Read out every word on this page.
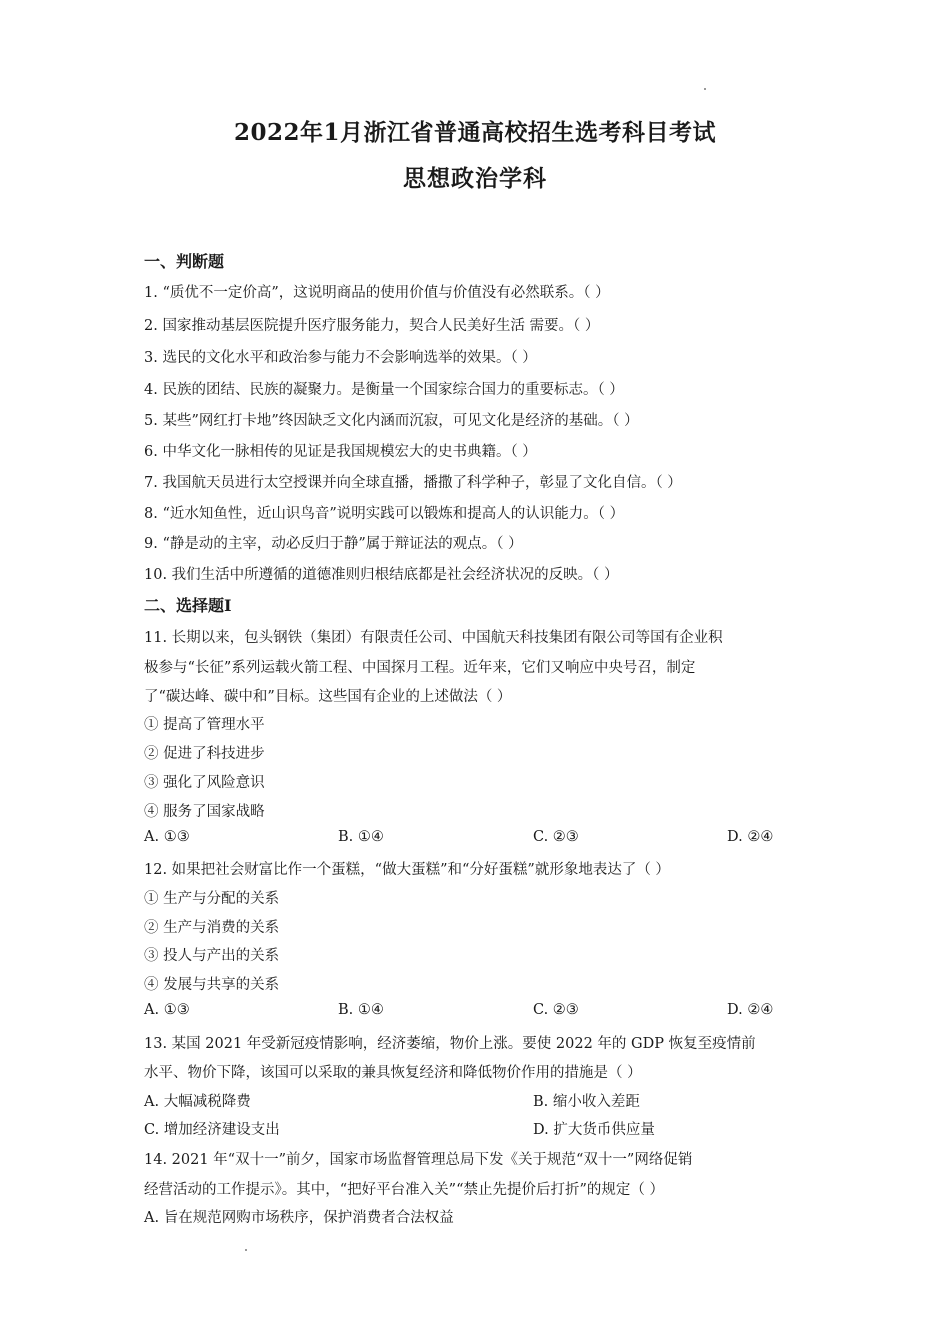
2022年1月浙江省普通高校招生选考科目考试
思想政治学科
一、判断题
1. “质优不一定价高”，这说明商品的使用价值与价值没有必然联系。（ ）
2. 国家推动基层医院提升医疗服务能力，契合人民美好生活 需要。（ ）
3. 选民的文化水平和政治参与能力不会影响选举的效果。（ ）
4. 民族的团结、民族的凝聚力。是衡量一个国家综合国力的重要标志。（ ）
5. 某些”网红打卡地”终因缺乏文化内涵而沉寂，可见文化是经济的基础。（ ）
6. 中华文化一脉相传的见证是我国规模宏大的史书典籍。（ ）
7. 我国航天员进行太空授课并向全球直播，播撒了科学种子，彰显了文化自信。（ ）
8. “近水知鱼性，近山识鸟音”说明实践可以锻炼和提高人的认识能力。（ ）
9. “静是动的主宰，动必反归于静”属于辩证法的观点。（ ）
10. 我们生活中所遵循的道德准则归根结底都是社会经济状况的反映。（ ）
二、选择题Ⅰ
11. 长期以来，包头钢铁（集团）有限责任公司、中国航天科技集团有限公司等国有企业积
极参与“长征”系列运载火箭工程、中国探月工程。近年来，它们又响应中央号召，制定
了“碳达峰、碳中和”目标。这些国有企业的上述做法（ ）
① 提高了管理水平
② 促进了科技进步
③ 强化了风险意识
④ 服务了国家战略
A. ①③	B. ①④	C. ②③	D. ②④
12. 如果把社会财富比作一个蛋糕，“做大蛋糕”和“分好蛋糕”就形象地表达了（ ）
① 生产与分配的关系
② 生产与消费的关系
③ 投人与产出的关系
④ 发展与共享的关系
A. ①③	B. ①④	C. ②③	D. ②④
13. 某国 2021 年受新冠疫情影响，经济萎缩，物价上涨。要使 2022 年的 GDP 恢复至疫情前
水平、物价下降，该国可以采取的兼具恢复经济和降低物价作用的措施是（ ）
A. 大幅减税降费	B. 缩小收入差距
C. 增加经济建设支出	D. 扩大货币供应量
14. 2021 年“双十一”前夕，国家市场监督管理总局下发《关于规范“双十一”网络促销
经营活动的工作提示》。其中，“把好平台准入关”“禁止先提价后打折”的规定（ ）
A. 旨在规范网购市场秩序，保护消费者合法权益
